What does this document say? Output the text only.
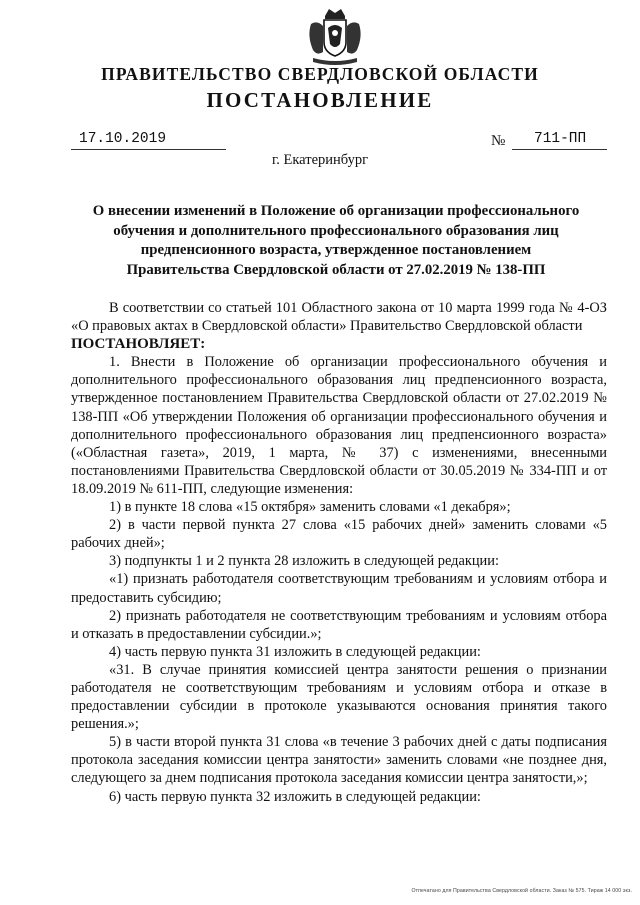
ПРАВИТЕЛЬСТВО СВЕРДЛОВСКОЙ ОБЛАСТИ
ПОСТАНОВЛЕНИЕ
17.10.2019	№ 711-ПП
г. Екатеринбург
О внесении изменений в Положение об организации профессионального
обучения и дополнительного профессионального образования лиц
предпенсионного возраста, утвержденное постановлением
Правительства Свердловской области от 27.02.2019 № 138-ПП

В соответствии со статьей 101 Областного закона от 10 марта 1999 года № 4-ОЗ «О правовых актах в Свердловской области» Правительство Свердловской области

ПОСТАНОВЛЯЕТ:

1. Внести в Положение об организации профессионального обучения и дополнительного профессионального образования лиц предпенсионного возраста, утвержденное постановлением Правительства Свердловской области от 27.02.2019 № 138-ПП «Об утверждении Положения об организации профессионального обучения и дополнительного профессионального образования лиц предпенсионного возраста» («Областная газета», 2019, 1 марта, № 37) с изменениями, внесенными постановлениями Правительства Свердловской области от 30.05.2019 № 334-ПП и от 18.09.2019 № 611-ПП, следующие изменения:

1) в пункте 18 слова «15 октября» заменить словами «1 декабря»;

2) в части первой пункта 27 слова «15 рабочих дней» заменить словами «5 рабочих дней»;

3) подпункты 1 и 2 пункта 28 изложить в следующей редакции:

«1) признать работодателя соответствующим требованиям и условиям отбора и предоставить субсидию;

2) признать работодателя не соответствующим требованиям и условиям отбора и отказать в предоставлении субсидии.»;

4) часть первую пункта 31 изложить в следующей редакции:

«31. В случае принятия комиссией центра занятости решения о признании работодателя не соответствующим требованиям и условиям отбора и отказе в предоставлении субсидии в протоколе указываются основания принятия такого решения.»;

5) в части второй пункта 31 слова «в течение 3 рабочих дней с даты подписания протокола заседания комиссии центра занятости» заменить словами «не позднее дня, следующего за днем подписания протокола заседания комиссии центра занятости,»;

6) часть первую пункта 32 изложить в следующей редакции:

Отпечатано для Правительства Свердловской области. Заказ № 575. Тираж 14 000 экз.
